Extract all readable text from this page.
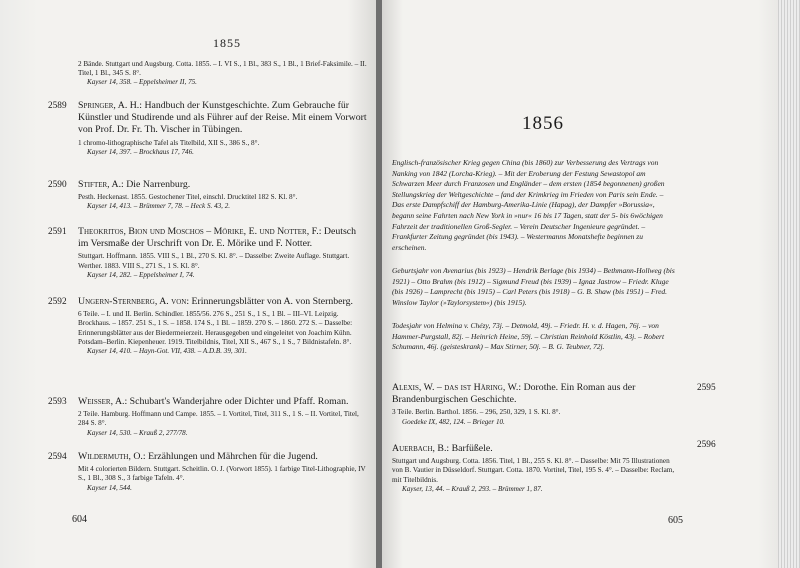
1855
2 Bände. Stuttgart und Augsburg. Cotta. 1855. – I. VI S., 1 Bl., 383 S., 1 Bl., 1 Brief-Faksimile. – II. Titel, 1 Bl., 345 S. 8°.
Kayser 14, 358. – Eppelsheimer II, 75.
2589 Springer, A. H.: Handbuch der Kunstgeschichte. Zum Gebrauche für Künstler und Studirende und als Führer auf der Reise. Mit einem Vorwort von Prof. Dr. Fr. Th. Vischer in Tübingen.
1 chromo-lithographische Tafel als Titelbild, XII S., 386 S., 8°.
Kayser 14, 397. – Brockhaus 17, 746.
2590 Stifter, A.: Die Narrenburg.
Pesth. Heckenast. 1855. Gestochener Titel, einschl. Drucktitel 182 S. Kl. 8°.
Kayser 14, 413. – Brümmer 7, 78. – Heck S. 43, 2.
2591 Theokritos, Bion und Moschos – Mörike, E. und Notter, F.: Deutsch im Versmaße der Urschrift von Dr. E. Mörike und F. Notter.
Stuttgart. Hoffmann. 1855. VIII S., 1 Bl., 270 S. Kl. 8°. – Dasselbe: Zweite Auflage. Stuttgart. Werther. 1883. VIII S., 271 S., 1 S. Kl. 8°.
Kayser 14, 282. – Eppelsheimer I, 74.
2592 Ungern-Sternberg, A. von: Erinnerungsblätter von A. von Sternberg.
6 Teile. – I. und II. Berlin. Schindler. 1855/56. 276 S., 251 S., 1 S., 1 Bl. – III–VI. Leipzig. Brockhaus. – 1857. 251 S., 1 S. – 1858. 174 S., 1 Bl. – 1859. 270 S. – 1860. 272 S. – Dasselbe: Erinnerungsblätter aus der Biedermeierzeit. Herausgegeben und eingeleitet von Joachim Kühn. Potsdam–Berlin. Kiepenheuer. 1919. Titelbildnis, Titel, XII S., 467 S., 1 S., 7 Bildnistafeln. 8°.
Kayser 14, 410. – Hayn-Got. VII, 438. – A.D.B. 39, 301.
2593 Weisser, A.: Schubart's Wanderjahre oder Dichter und Pfaff. Roman.
2 Teile. Hamburg. Hoffmann und Campe. 1855. – I. Vortitel, Titel, 311 S., 1 S. – II. Vortitel, Titel, 284 S. 8°.
Kayser 14, 530. – Krauß 2, 277/78.
2594 Wildermuth, O.: Erzählungen und Mährchen für die Jugend.
Mit 4 colorierten Bildern. Stuttgart. Scheitlin. O. J. (Vorwort 1855). 1 farbige Titel-Lithographie, IV S., 1 Bl., 308 S., 3 farbige Tafeln. 4°.
Kayser 14, 544.
604
1856
Englisch-französischer Krieg gegen China (bis 1860) zur Verbesserung des Vertrags von Nanking von 1842 (Lorcha-Krieg). – Mit der Eroberung der Festung Sewastopol am Schwarzen Meer durch Franzosen und Engländer – dem ersten (1854 begonnenen) großen Stellungskrieg der Weltgeschichte – fand der Krimkrieg im Frieden von Paris sein Ende. – Das erste Dampfschiff der Hamburg-Amerika-Linie (Hapag), der Dampfer »Borussia«, begann seine Fahrten nach New York in »nur« 16 bis 17 Tagen, statt der 5- bis 6wöchigen Fahrzeit der traditionellen Groß-Segler. – Verein Deutscher Ingenieure gegründet. – Frankfurter Zeitung gegründet (bis 1943). – Westermanns Monatshefte beginnen zu erscheinen.
Geburtsjahr von Avenarius (bis 1923) – Hendrik Berlage (bis 1934) – Bethmann-Hollweg (bis 1921) – Otto Brahm (bis 1912) – Sigmund Freud (bis 1939) – Ignaz Jastrow – Friedr. Kluge (bis 1926) – Lamprecht (bis 1915) – Carl Peters (bis 1918) – G. B. Shaw (bis 1951) – Fred. Winslow Taylor (»Taylorsystem«) (bis 1915).
Todesjahr von Helmina v. Chézy, 73j. – Detmold, 49j. – Friedr. H. v. d. Hagen, 76j. – von Hammer-Purgstall, 82j. – Heinrich Heine, 59j. – Christian Reinhold Köstlin, 43j. – Robert Schumann, 46j. (geisteskrank) – Max Stirner, 50j. – B. G. Teubner, 72j.
2595
Alexis, W. – das ist Häring, W.: Dorothe. Ein Roman aus der Brandenburgischen Geschichte.
3 Teile. Berlin. Barthol. 1856. – 296, 250, 329, 1 S. Kl. 8°.
Goedeke IX, 482, 124. – Brieger 10.
2596
Auerbach, B.: Barfüßele.
Stuttgart und Augsburg. Cotta. 1856. Titel, 1 Bl., 255 S. Kl. 8°. – Dasselbe: Mit 75 Illustrationen von B. Vautier in Düsseldorf. Stuttgart. Cotta. 1870. Vortitel, Titel, 195 S. 4°. – Dasselbe: Reclam, mit Titelbildnis.
Kayser, 13, 44. – Krauß 2, 293. – Brümmer 1, 87.
605
